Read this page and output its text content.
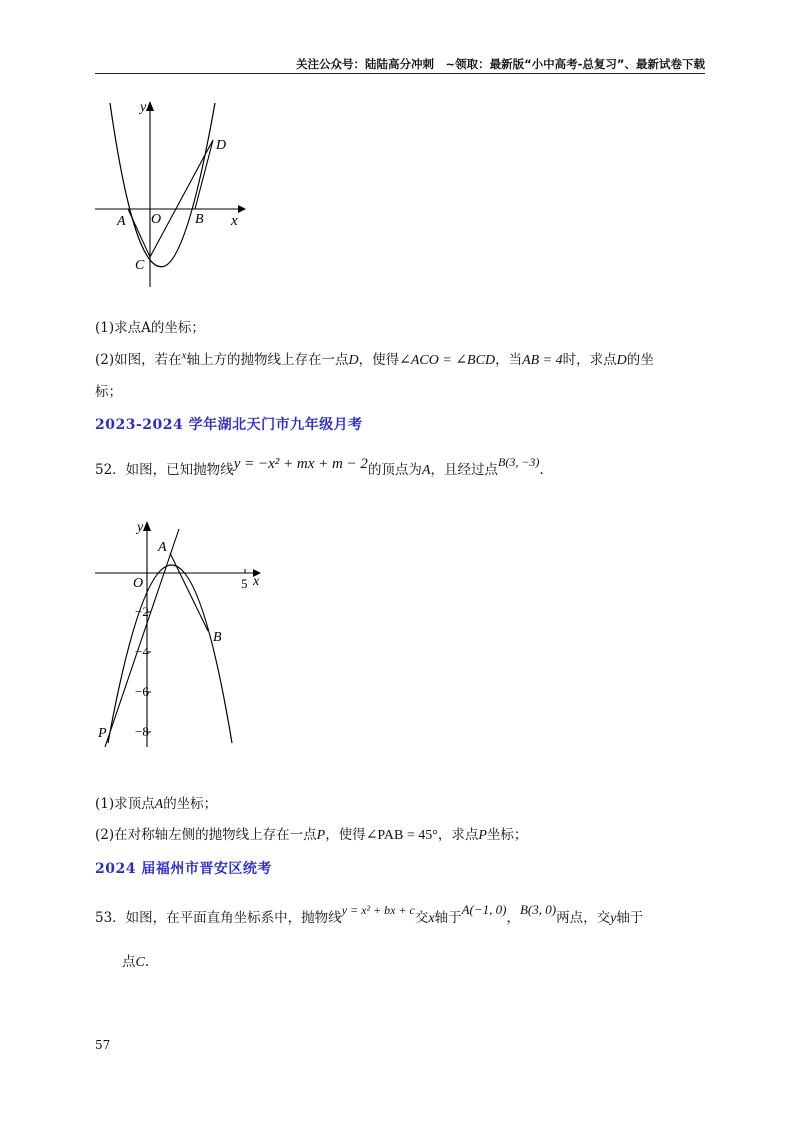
关注公众号：陆陆高分冲刺　~领取：最新版“小中高考-总复习”、最新试卷下载
y
x
A O B
C
D
(1)求点A的坐标；
(2)如图，若在$^x$轴上方的抛物线上存在一点D，使得∠ACO = ∠BCD，当AB = 4时，求点D的坐
标；
2023-2024 学年湖北天门市九年级月考
52．如图，已知抛物线y = −x² + mx + m − 2的顶点为A，且经过点B(3, −3).
y
x
5
O
A
B
P
−2
−4
−6
−8
(1)求顶点A的坐标；
(2)在对称轴左侧的抛物线上存在一点P，使得∠PAB = 45°，求点P坐标；
2024 届福州市晋安区统考
53．如图，在平面直角坐标系中，抛物线y = x² + bx + c交x轴于A(−1, 0)，B(3, 0)两点，交y轴于
点C.
57
